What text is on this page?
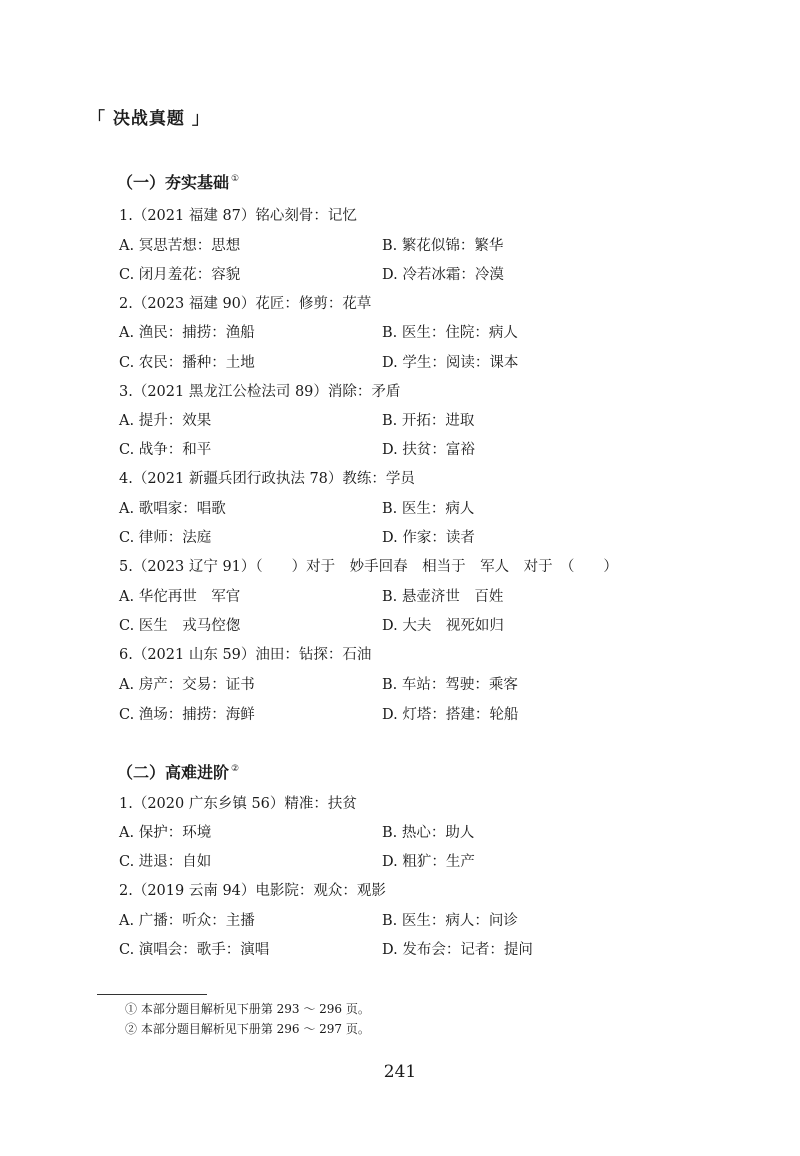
「 决战真题 」
（一）夯实基础 ①
1.（2021 福建 87）铭心刻骨：记忆
A. 冥思苦想：思想	B. 繁花似锦：繁华
C. 闭月羞花：容貌	D. 冷若冰霜：冷漠
2.（2023 福建 90）花匠：修剪：花草
A. 渔民：捕捞：渔船	B. 医生：住院：病人
C. 农民：播种：土地	D. 学生：阅读：课本
3.（2021 黑龙江公检法司 89）消除：矛盾
A. 提升：效果	B. 开拓：进取
C. 战争：和平	D. 扶贫：富裕
4.（2021 新疆兵团行政执法 78）教练：学员
A. 歌唱家：唱歌	B. 医生：病人
C. 律师：法庭	D. 作家：读者
5.（2023 辽宁 91）（　　）对于　妙手回春　相当于　军人　对于　（　　）
A. 华佗再世　军官	B. 悬壶济世　百姓
C. 医生　戎马倥偬	D. 大夫　视死如归
6.（2021 山东 59）油田：钻探：石油
A. 房产：交易：证书	B. 车站：驾驶：乘客
C. 渔场：捕捞：海鲜	D. 灯塔：搭建：轮船
（二）高难进阶 ②
1.（2020 广东乡镇 56）精准：扶贫
A. 保护：环境	B. 热心：助人
C. 进退：自如	D. 粗犷：生产
2.（2019 云南 94）电影院：观众：观影
A. 广播：听众：主播	B. 医生：病人：问诊
C. 演唱会：歌手：演唱	D. 发布会：记者：提问
① 本部分题目解析见下册第 293 ～ 296 页。
② 本部分题目解析见下册第 296 ～ 297 页。
241
